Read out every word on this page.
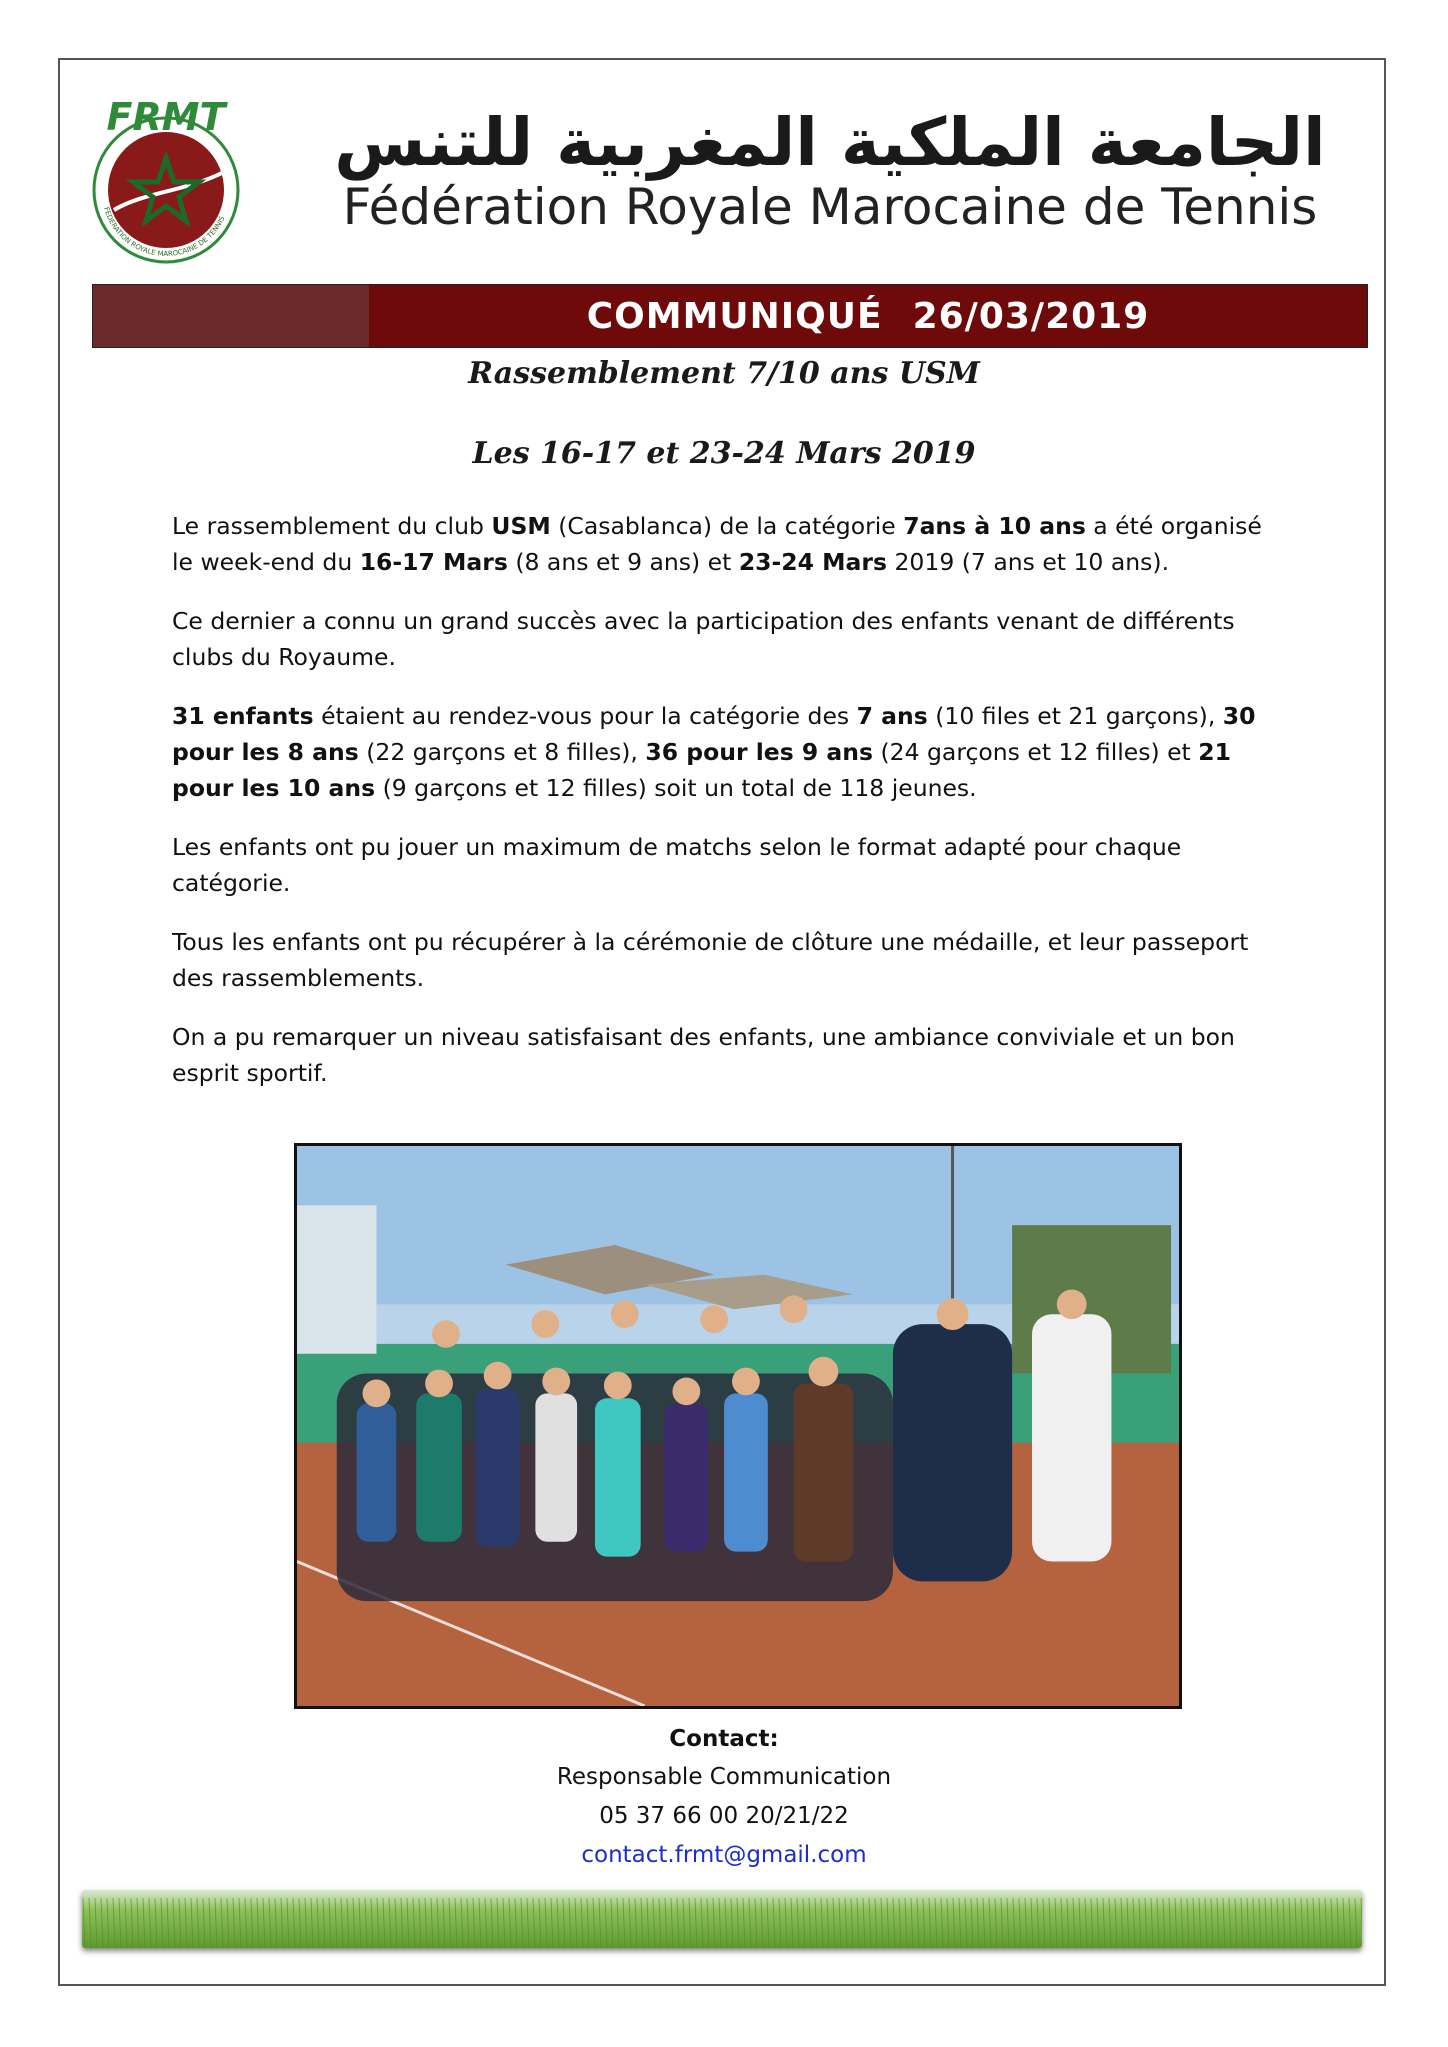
FRMT
FEDERATION ROYALE MAROCAINE DE TENNIS
الجامعة الملكية المغربية للتنس
Fédération Royale Marocaine de Tennis
COMMUNIQUÉ 26/03/2019
Rassemblement 7/10 ans USM
Les 16-17 et 23-24 Mars 2019

Le rassemblement du club USM (Casablanca) de la catégorie 7ans à 10 ans a été organisé le week-end du 16-17 Mars (8 ans et 9 ans) et 23-24 Mars 2019 (7 ans et 10 ans).

Ce dernier a connu un grand succès avec la participation des enfants venant de différents clubs du Royaume.

31 enfants étaient au rendez-vous pour la catégorie des 7 ans (10 files et 21 garçons), 30 pour les 8 ans (22 garçons et 8 filles), 36 pour les 9 ans (24 garçons et 12 filles) et 21 pour les 10 ans (9 garçons et 12 filles) soit un total de 118 jeunes.

Les enfants ont pu jouer un maximum de matchs selon le format adapté pour chaque catégorie.

Tous les enfants ont pu récupérer à la cérémonie de clôture une médaille, et leur passeport des rassemblements.

On a pu remarquer un niveau satisfaisant des enfants, une ambiance conviviale et un bon esprit sportif.

Contact:
Responsable Communication
05 37 66 00 20/21/22
contact.frmt@gmail.com
